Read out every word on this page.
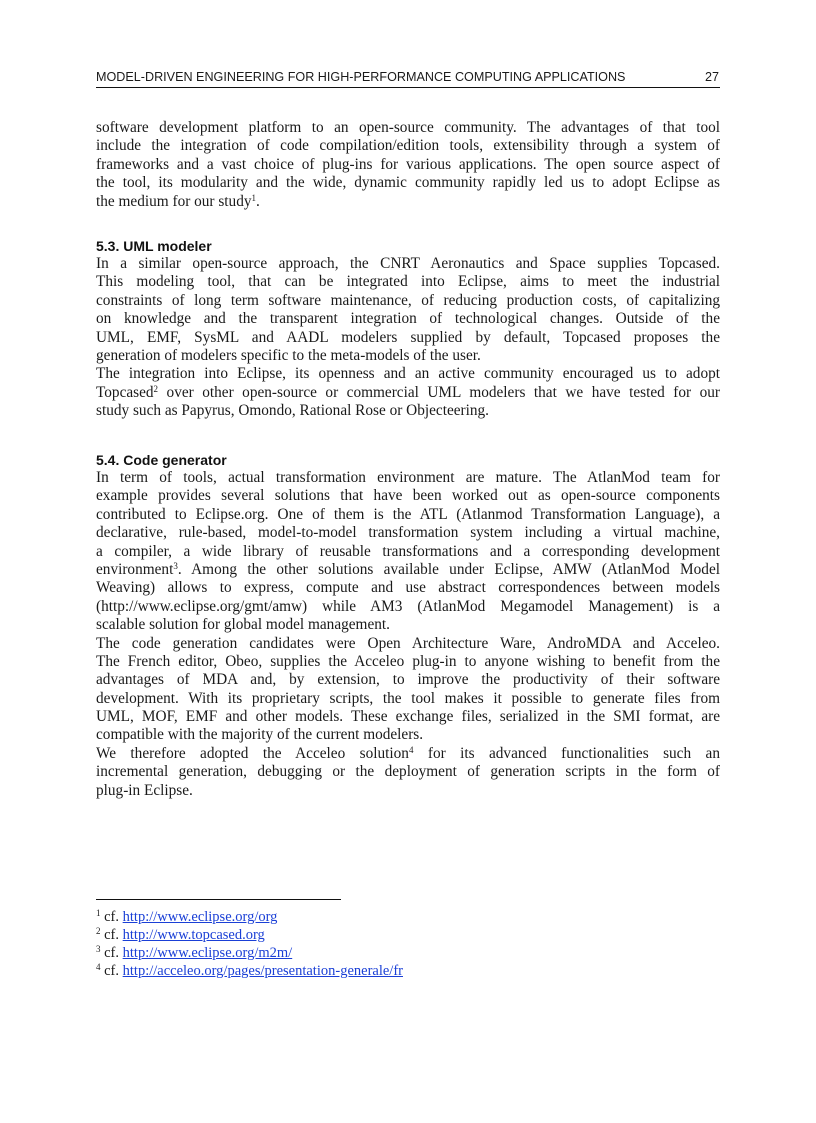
MODEL-DRIVEN ENGINEERING FOR HIGH-PERFORMANCE COMPUTING APPLICATIONS	27
software development platform to an open-source community. The advantages of that tool
include the integration of code compilation/edition tools, extensibility through a system of
frameworks and a vast choice of plug-ins for various applications. The open source aspect of
the tool, its modularity and the wide, dynamic community rapidly led us to adopt Eclipse as
the medium for our study$^1$.
5.3. UML modeler
In a similar open-source approach, the CNRT Aeronautics and Space supplies Topcased.
This modeling tool, that can be integrated into Eclipse, aims to meet the industrial
constraints of long term software maintenance, of reducing production costs, of capitalizing
on knowledge and the transparent integration of technological changes. Outside of the
UML, EMF, SysML and AADL modelers supplied by default, Topcased proposes the
generation of modelers specific to the meta-models of the user.
The integration into Eclipse, its openness and an active community encouraged us to adopt
Topcased$^2$ over other open-source or commercial UML modelers that we have tested for our
study such as Papyrus, Omondo, Rational Rose or Objecteering.
5.4. Code generator
In term of tools, actual transformation environment are mature. The AtlanMod team for
example provides several solutions that have been worked out as open-source components
contributed to Eclipse.org. One of them is the ATL (Atlanmod Transformation Language), a
declarative, rule-based, model-to-model transformation system including a virtual machine,
a compiler, a wide library of reusable transformations and a corresponding development
environment$^3$. Among the other solutions available under Eclipse, AMW (AtlanMod Model
Weaving) allows to express, compute and use abstract correspondences between models
(http://www.eclipse.org/gmt/amw) while AM3 (AtlanMod Megamodel Management) is a
scalable solution for global model management.
The code generation candidates were Open Architecture Ware, AndroMDA and Acceleo.
The French editor, Obeo, supplies the Acceleo plug-in to anyone wishing to benefit from the
advantages of MDA and, by extension, to improve the productivity of their software
development. With its proprietary scripts, the tool makes it possible to generate files from
UML, MOF, EMF and other models. These exchange files, serialized in the SMI format, are
compatible with the majority of the current modelers.
We therefore adopted the Acceleo solution$^4$ for its advanced functionalities such an
incremental generation, debugging or the deployment of generation scripts in the form of
plug-in Eclipse.
$^1$ cf. http://www.eclipse.org/org
$^2$ cf. http://www.topcased.org
$^3$ cf. http://www.eclipse.org/m2m/
$^4$ cf. http://acceleo.org/pages/presentation-generale/fr
